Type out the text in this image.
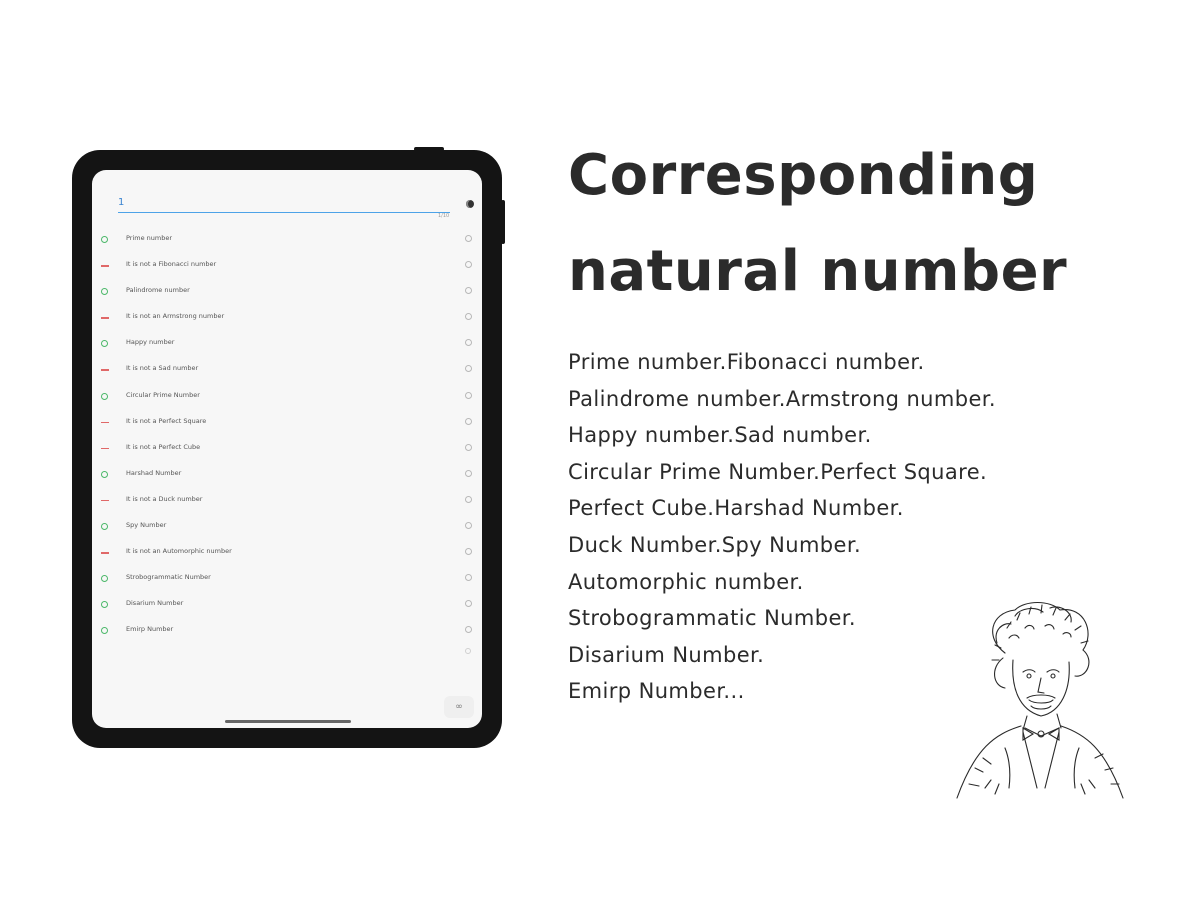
1
1/10
Prime number
It is not a Fibonacci number
Palindrome number
It is not an Armstrong number
Happy number
It is not a Sad number
Circular Prime Number
It is not a Perfect Square
It is not a Perfect Cube
Harshad Number
It is not a Duck number
Spy Number
It is not an Automorphic number
Strobogrammatic Number
Disarium Number
Emirp Number
∞
Corresponding
natural number
Prime number.Fibonacci number.
Palindrome number.Armstrong number.
Happy number.Sad number.
Circular Prime Number.Perfect Square.
Perfect Cube.Harshad Number.
Duck Number.Spy Number.
Automorphic number.
Strobogrammatic Number.
Disarium Number.
Emirp Number...
